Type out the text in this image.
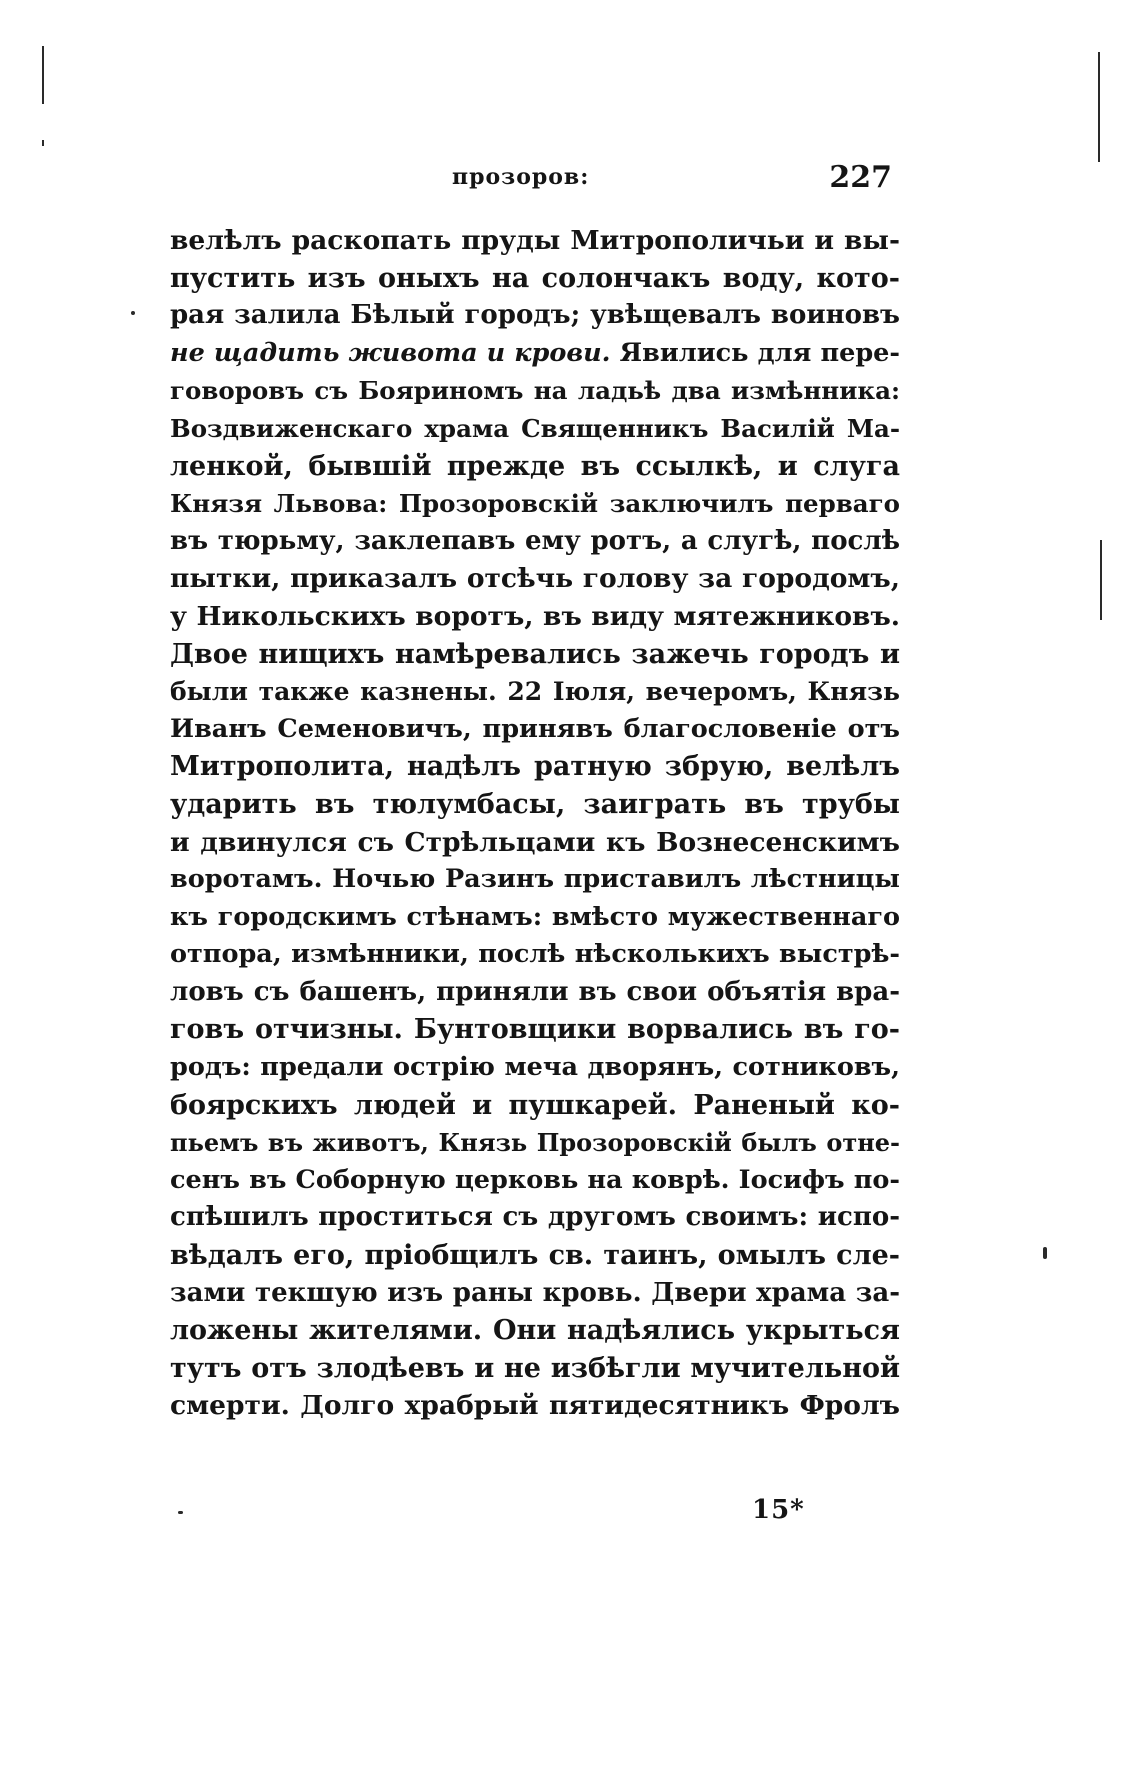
прозоров:	227
велѣлъ раскопать пруды Митрополичьи и вы-
пустить изъ оныхъ на солончакъ воду, кото-
рая залила Бѣлый городъ; увѣщевалъ воиновъ
не щадить живота и крови. Явились для пере-
говоровъ съ Бояриномъ на ладьѣ два измѣнника:
Воздвиженскаго храма Священникъ Василій Ма-
ленкой, бывшій прежде въ ссылкѣ, и слуга
Князя Львова: Прозоровскій заключилъ перваго
въ тюрьму, заклепавъ ему ротъ, а слугѣ, послѣ
пытки, приказалъ отсѣчь голову за городомъ,
у Никольскихъ воротъ, въ виду мятежниковъ.
Двое нищихъ намѣревались зажечь городъ и
были также казнены. 22 Іюля, вечеромъ, Князь
Иванъ Семеновичъ, принявъ благословеніе отъ
Митрополита, надѣлъ ратную збрую, велѣлъ
ударить въ тюлумбасы, заиграть въ трубы
и двинулся съ Стрѣльцами къ Вознесенскимъ
воротамъ. Ночью Разинъ приставилъ лѣстницы
къ городскимъ стѣнамъ: вмѣсто мужественнаго
отпора, измѣнники, послѣ нѣсколькихъ выстрѣ-
ловъ съ башенъ, приняли въ свои объятія вра-
говъ отчизны. Бунтовщики ворвались въ го-
родъ: предали острію меча дворянъ, сотниковъ,
боярскихъ людей и пушкарей. Раненый ко-
пьемъ въ животъ, Князь Прозоровскій былъ отне-
сенъ въ Соборную церковь на коврѣ. Іосифъ по-
спѣшилъ проститься съ другомъ своимъ: испо-
вѣдалъ его, пріобщилъ св. таинъ, омылъ сле-
зами текшую изъ раны кровь. Двери храма за-
ложены жителями. Они надѣялись укрыться
тутъ отъ злодѣевъ и не избѣгли мучительной
смерти. Долго храбрый пятидесятникъ Фролъ
15*
